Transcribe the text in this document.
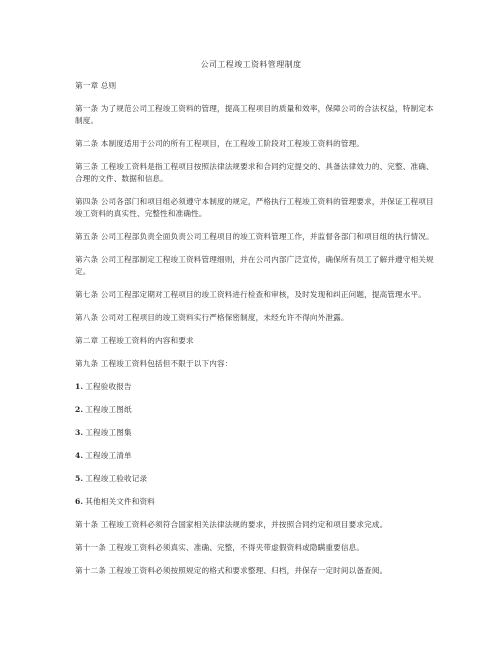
公司工程竣工资料管理制度

第一章 总则

第一条 为了规范公司工程竣工资料的管理，提高工程项目的质量和效率，保障公司的合法权益，特制定本制度。

第二条 本制度适用于公司的所有工程项目，在工程竣工阶段对工程竣工资料的管理。

第三条 工程竣工资料是指工程项目按照法律法规要求和合同约定提交的、具备法律效力的、完整、准确、合理的文件、数据和信息。

第四条 公司各部门和项目组必须遵守本制度的规定，严格执行工程竣工资料的管理要求，并保证工程项目竣工资料的真实性、完整性和准确性。

第五条 公司工程部负责全面负责公司工程项目的竣工资料管理工作，并监督各部门和项目组的执行情况。

第六条 公司工程部制定工程竣工资料管理细则，并在公司内部广泛宣传，确保所有员工了解并遵守相关规定。

第七条 公司工程部定期对工程项目的竣工资料进行检查和审核，及时发现和纠正问题，提高管理水平。

第八条 公司对工程项目的竣工资料实行严格保密制度，未经允许不得向外泄露。

第二章 工程竣工资料的内容和要求

第九条 工程竣工资料包括但不限于以下内容：

1. 工程验收报告
2. 工程竣工图纸
3. 工程竣工图集
4. 工程竣工清单
5. 工程竣工验收记录
6. 其他相关文件和资料

第十条 工程竣工资料必须符合国家相关法律法规的要求，并按照合同约定和项目要求完成。

第十一条 工程竣工资料必须真实、准确、完整，不得夹带虚假资料或隐瞒重要信息。

第十二条 工程竣工资料必须按照规定的格式和要求整理、归档，并保存一定时间以备查阅。
